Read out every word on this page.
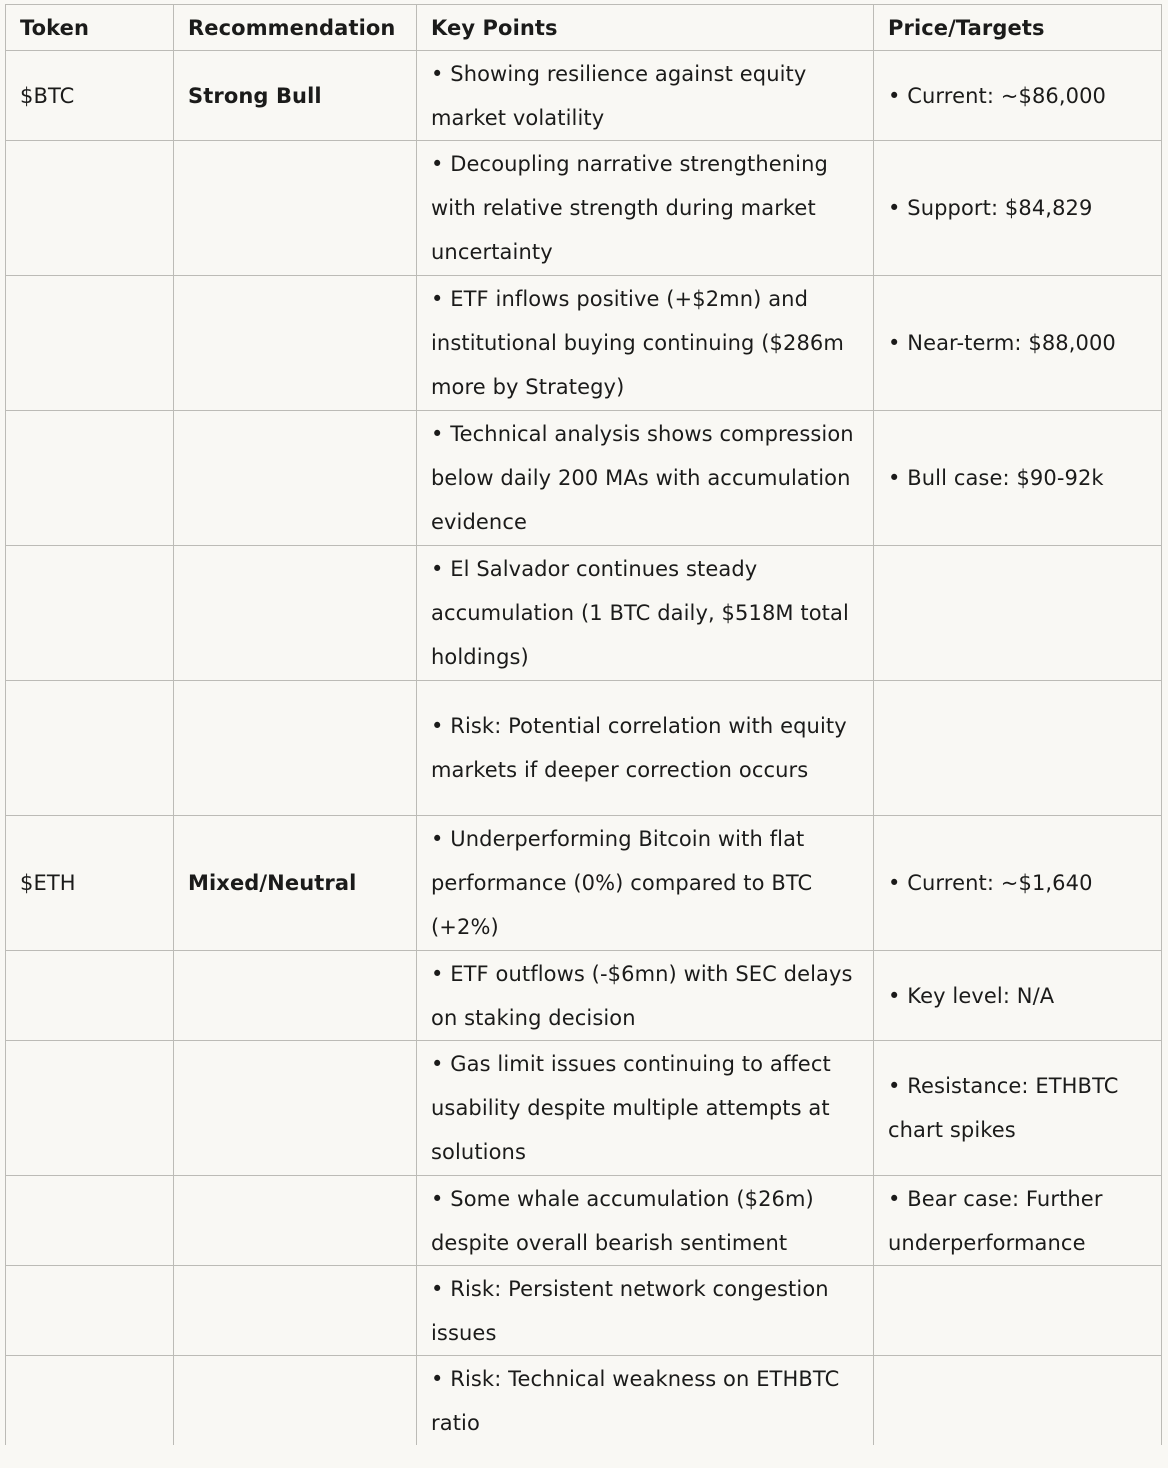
Token	Recommendation	Key Points	Price/Targets
$BTC	Strong Bull	• Showing resilience against equity market volatility	• Current: ~$86,000
		• Decoupling narrative strengthening with relative strength during market uncertainty	• Support: $84,829
		• ETF inflows positive (+$2mn) and institutional buying continuing ($286m more by Strategy)	• Near-term: $88,000
		• Technical analysis shows compression below daily 200 MAs with accumulation evidence	• Bull case: $90-92k
		• El Salvador continues steady accumulation (1 BTC daily, $518M total holdings)	
		• Risk: Potential correlation with equity markets if deeper correction occurs	
$ETH	Mixed/Neutral	• Underperforming Bitcoin with flat performance (0%) compared to BTC (+2%)	• Current: ~$1,640
		• ETF outflows (-$6mn) with SEC delays on staking decision	• Key level: N/A
		• Gas limit issues continuing to affect usability despite multiple attempts at solutions	• Resistance: ETHBTC chart spikes
		• Some whale accumulation ($26m) despite overall bearish sentiment	• Bear case: Further underperformance
		• Risk: Persistent network congestion issues	
		• Risk: Technical weakness on ETHBTC ratio	
